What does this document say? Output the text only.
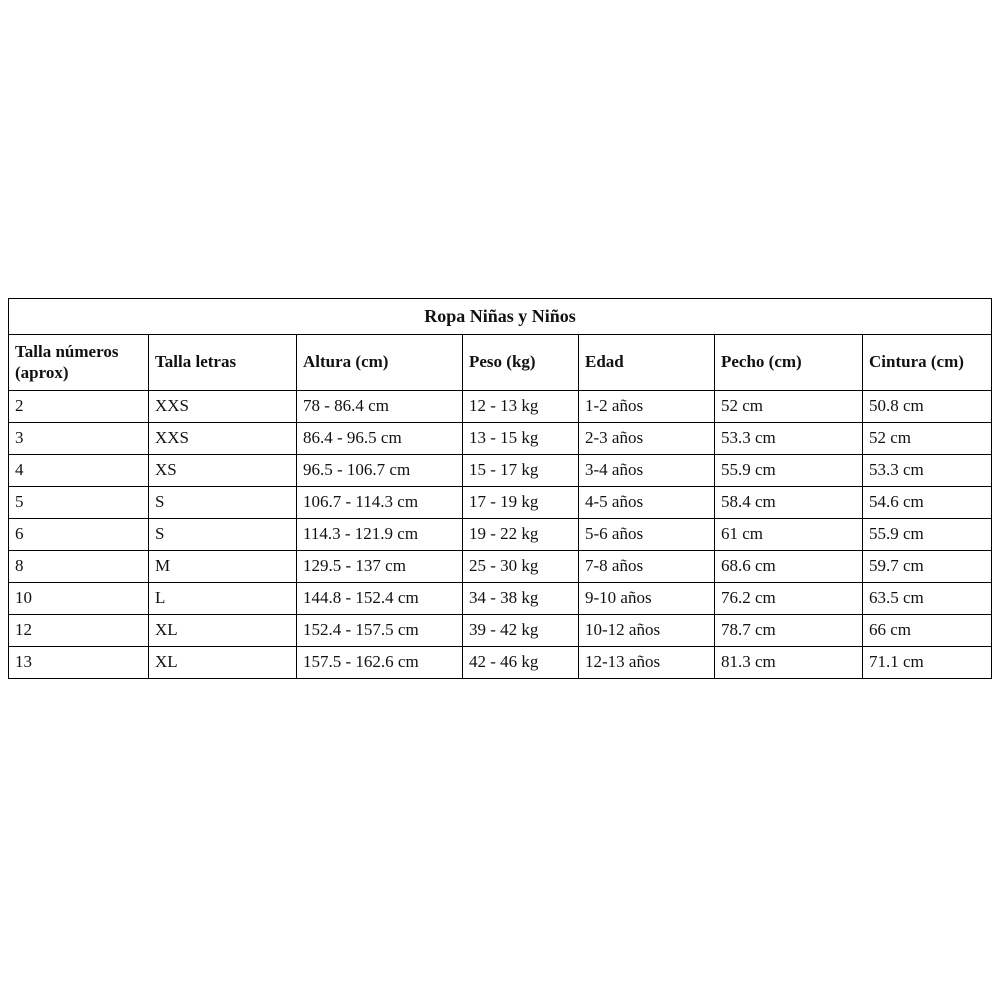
Ropa Niñas y Niños						

Talla números
(aprox)	Talla letras	Altura (cm)	Peso (kg)	Edad	Pecho (cm)	Cintura (cm)
2	XXS	78 - 86.4 cm	12 - 13 kg	1-2 años	52 cm	50.8 cm
3	XXS	86.4 - 96.5 cm	13 - 15 kg	2-3 años	53.3 cm	52 cm
4	XS	96.5 - 106.7 cm	15 - 17 kg	3-4 años	55.9 cm	53.3 cm
5	S	106.7 - 114.3 cm	17 - 19 kg	4-5 años	58.4 cm	54.6 cm
6	S	114.3 - 121.9 cm	19 - 22 kg	5-6 años	61 cm	55.9 cm
8	M	129.5 - 137 cm	25 - 30 kg	7-8 años	68.6 cm	59.7 cm
10	L	144.8 - 152.4 cm	34 - 38 kg	9-10 años	76.2 cm	63.5 cm
12	XL	152.4 - 157.5 cm	39 - 42 kg	10-12 años	78.7 cm	66 cm
13	XL	157.5 - 162.6 cm	42 - 46 kg	12-13 años	81.3 cm	71.1 cm
